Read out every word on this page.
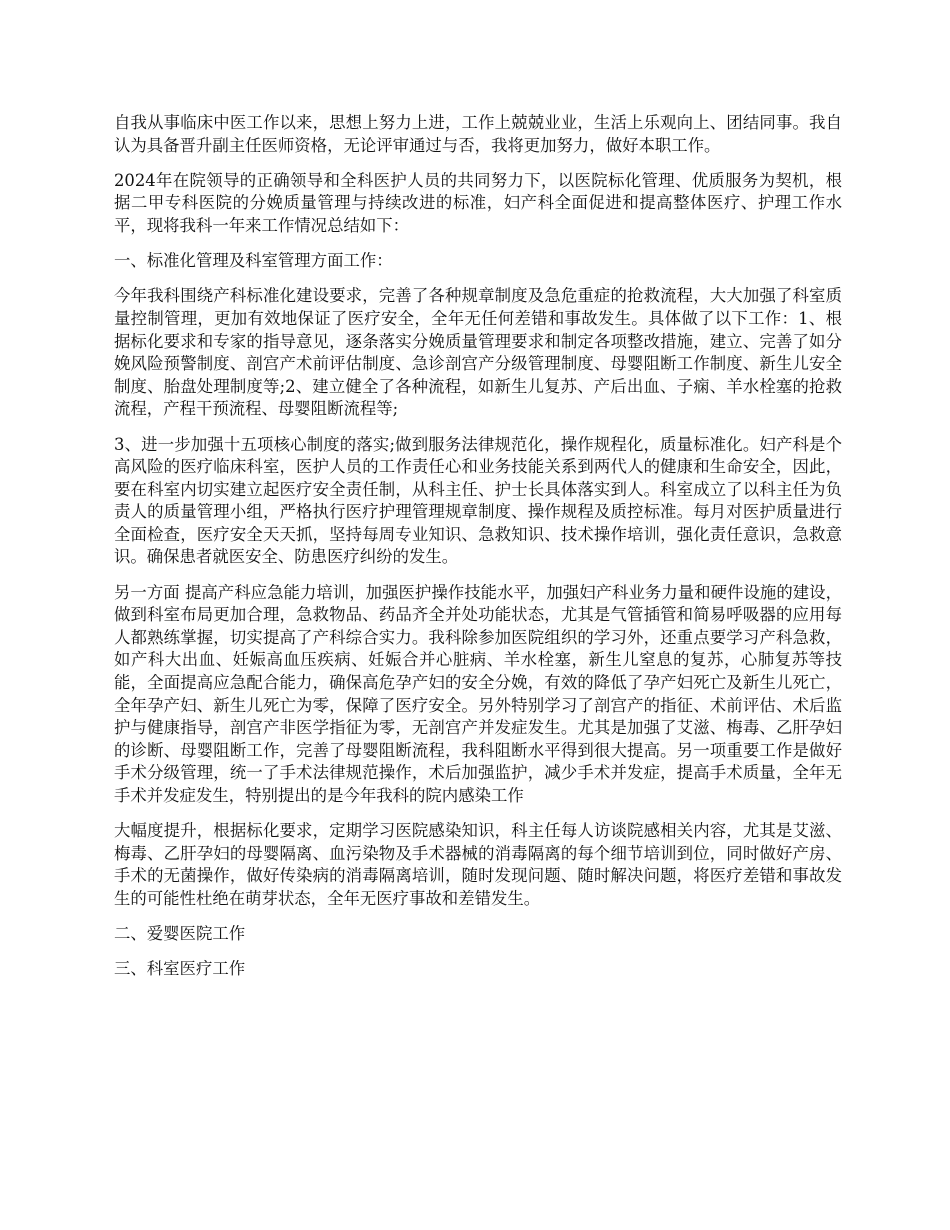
自我从事临床中医工作以来，思想上努力上进，工作上兢兢业业，生活上乐观向上、团结同事。我自认为具备晋升副主任医师资格，无论评审通过与否，我将更加努力，做好本职工作。

2024年在院领导的正确领导和全科医护人员的共同努力下，以医院标化管理、优质服务为契机，根据二甲专科医院的分娩质量管理与持续改进的标准，妇产科全面促进和提高整体医疗、护理工作水平，现将我科一年来工作情况总结如下：

一、标准化管理及科室管理方面工作：

今年我科围绕产科标准化建设要求，完善了各种规章制度及急危重症的抢救流程，大大加强了科室质量控制管理，更加有效地保证了医疗安全，全年无任何差错和事故发生。具体做了以下工作：1、根据标化要求和专家的指导意见，逐条落实分娩质量管理要求和制定各项整改措施，建立、完善了如分娩风险预警制度、剖宫产术前评估制度、急诊剖宫产分级管理制度、母婴阻断工作制度、新生儿安全制度、胎盘处理制度等;2、建立健全了各种流程，如新生儿复苏、产后出血、子痫、羊水栓塞的抢救流程，产程干预流程、母婴阻断流程等;

3、进一步加强十五项核心制度的落实;做到服务法律规范化，操作规程化，质量标准化。妇产科是个高风险的医疗临床科室，医护人员的工作责任心和业务技能关系到两代人的健康和生命安全，因此，要在科室内切实建立起医疗安全责任制，从科主任、护士长具体落实到人。科室成立了以科主任为负责人的质量管理小组，严格执行医疗护理管理规章制度、操作规程及质控标准。每月对医护质量进行全面检查，医疗安全天天抓，坚持每周专业知识、急救知识、技术操作培训，强化责任意识，急救意识。确保患者就医安全、防患医疗纠纷的发生。

另一方面 提高产科应急能力培训，加强医护操作技能水平，加强妇产科业务力量和硬件设施的建设，做到科室布局更加合理，急救物品、药品齐全并处功能状态，尤其是气管插管和简易呼吸器的应用每人都熟练掌握，切实提高了产科综合实力。我科除参加医院组织的学习外，还重点要学习产科急救，如产科大出血、妊娠高血压疾病、妊娠合并心脏病、羊水栓塞，新生儿窒息的复苏，心肺复苏等技能，全面提高应急配合能力，确保高危孕产妇的安全分娩，有效的降低了孕产妇死亡及新生儿死亡，全年孕产妇、新生儿死亡为零，保障了医疗安全。另外特别学习了剖宫产的指征、术前评估、术后监护与健康指导，剖宫产非医学指征为零，无剖宫产并发症发生。尤其是加强了艾滋、梅毒、乙肝孕妇的诊断、母婴阻断工作，完善了母婴阻断流程，我科阻断水平得到很大提高。另一项重要工作是做好手术分级管理，统一了手术法律规范操作，术后加强监护，减少手术并发症，提高手术质量，全年无手术并发症发生，特别提出的是今年我科的院内感染工作

大幅度提升，根据标化要求，定期学习医院感染知识，科主任每人访谈院感相关内容，尤其是艾滋、梅毒、乙肝孕妇的母婴隔离、血污染物及手术器械的消毒隔离的每个细节培训到位，同时做好产房、手术的无菌操作，做好传染病的消毒隔离培训，随时发现问题、随时解决问题，将医疗差错和事故发生的可能性杜绝在萌芽状态，全年无医疗事故和差错发生。

二、爱婴医院工作

三、科室医疗工作
